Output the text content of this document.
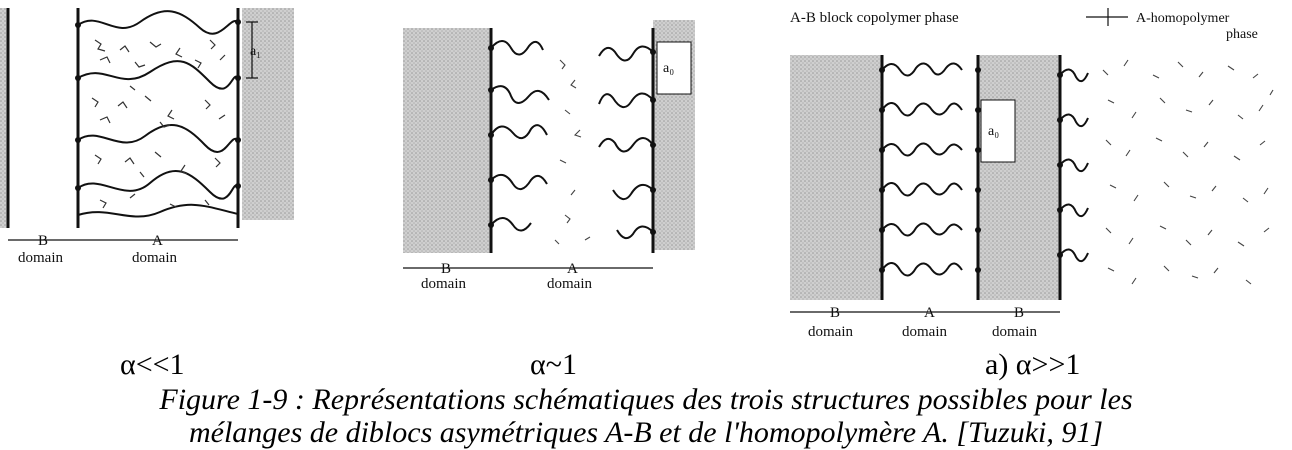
a₁
B	A
domain	domain
a₀
B	A
domain	domain
A-B block copolymer phase	A-homopolymer
phase
a₀
B	A	B
domain	domain	domain
α<<1	α~1	a) α>>1
Figure 1-9 : Représentations schématiques des trois structures possibles pour les
mélanges de diblocs asymétriques A-B et de l'homopolymère A. [Tuzuki, 91]
